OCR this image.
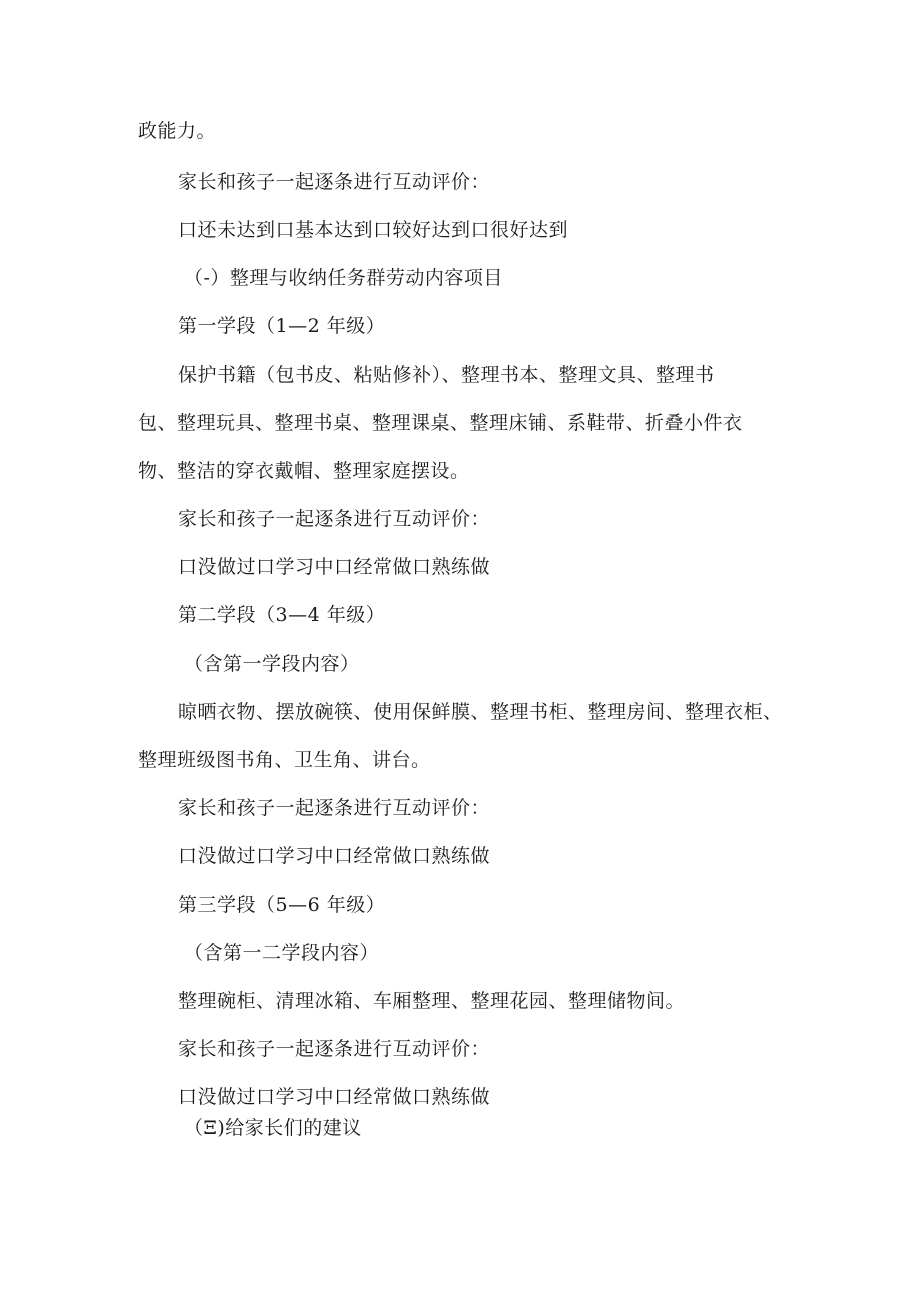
政能力。
家长和孩子一起逐条进行互动评价：
口还未达到口基本达到口较好达到口很好达到
（-）整理与收纳任务群劳动内容项目
第一学段（1—2 年级）
保护书籍（包书皮、粘贴修补）、整理书本、整理文具、整理书
包、整理玩具、整理书桌、整理课桌、整理床铺、系鞋带、折叠小件衣
物、整洁的穿衣戴帽、整理家庭摆设。
家长和孩子一起逐条进行互动评价：
口没做过口学习中口经常做口熟练做
第二学段（3—4 年级）
（含第一学段内容）
晾晒衣物、摆放碗筷、使用保鲜膜、整理书柜、整理房间、整理衣柜、
整理班级图书角、卫生角、讲台。
家长和孩子一起逐条进行互动评价：
口没做过口学习中口经常做口熟练做
第三学段（5—6 年级）
（含第一二学段内容）
整理碗柜、清理冰箱、车厢整理、整理花园、整理储物间。
家长和孩子一起逐条进行互动评价：
口没做过口学习中口经常做口熟练做
（Ξ)给家长们的建议
